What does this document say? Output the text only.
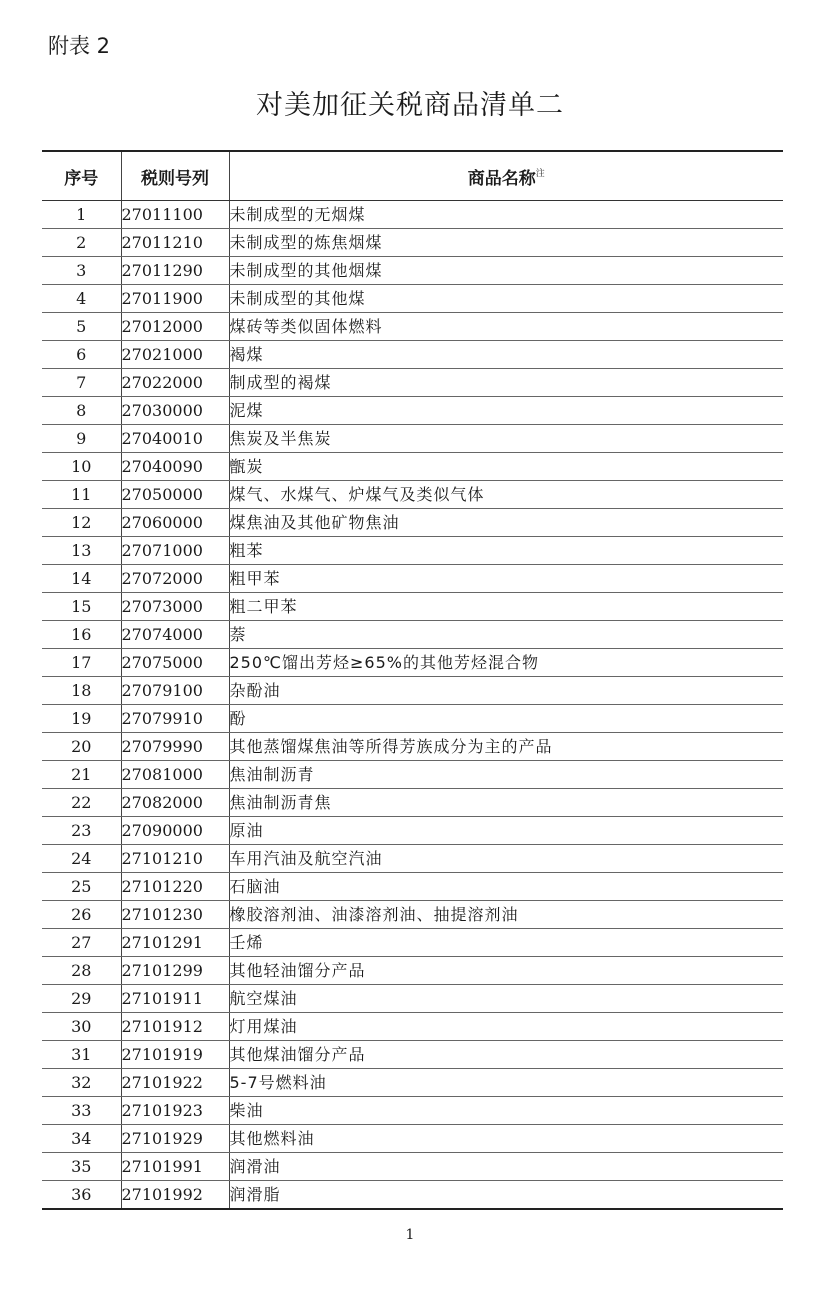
附表 2
对美加征关税商品清单二
序号	税则号列	商品名称$^注$
1	27011100	未制成型的无烟煤
2	27011210	未制成型的炼焦烟煤
3	27011290	未制成型的其他烟煤
4	27011900	未制成型的其他煤
5	27012000	煤砖等类似固体燃料
6	27021000	褐煤
7	27022000	制成型的褐煤
8	27030000	泥煤
9	27040010	焦炭及半焦炭
10	27040090	甑炭
11	27050000	煤气、水煤气、炉煤气及类似气体
12	27060000	煤焦油及其他矿物焦油
13	27071000	粗苯
14	27072000	粗甲苯
15	27073000	粗二甲苯
16	27074000	萘
17	27075000	250℃馏出芳烃≥65%的其他芳烃混合物
18	27079100	杂酚油
19	27079910	酚
20	27079990	其他蒸馏煤焦油等所得芳族成分为主的产品
21	27081000	焦油制沥青
22	27082000	焦油制沥青焦
23	27090000	原油
24	27101210	车用汽油及航空汽油
25	27101220	石脑油
26	27101230	橡胶溶剂油、油漆溶剂油、抽提溶剂油
27	27101291	壬烯
28	27101299	其他轻油馏分产品
29	27101911	航空煤油
30	27101912	灯用煤油
31	27101919	其他煤油馏分产品
32	27101922	5-7号燃料油
33	27101923	柴油
34	27101929	其他燃料油
35	27101991	润滑油
36	27101992	润滑脂
1
